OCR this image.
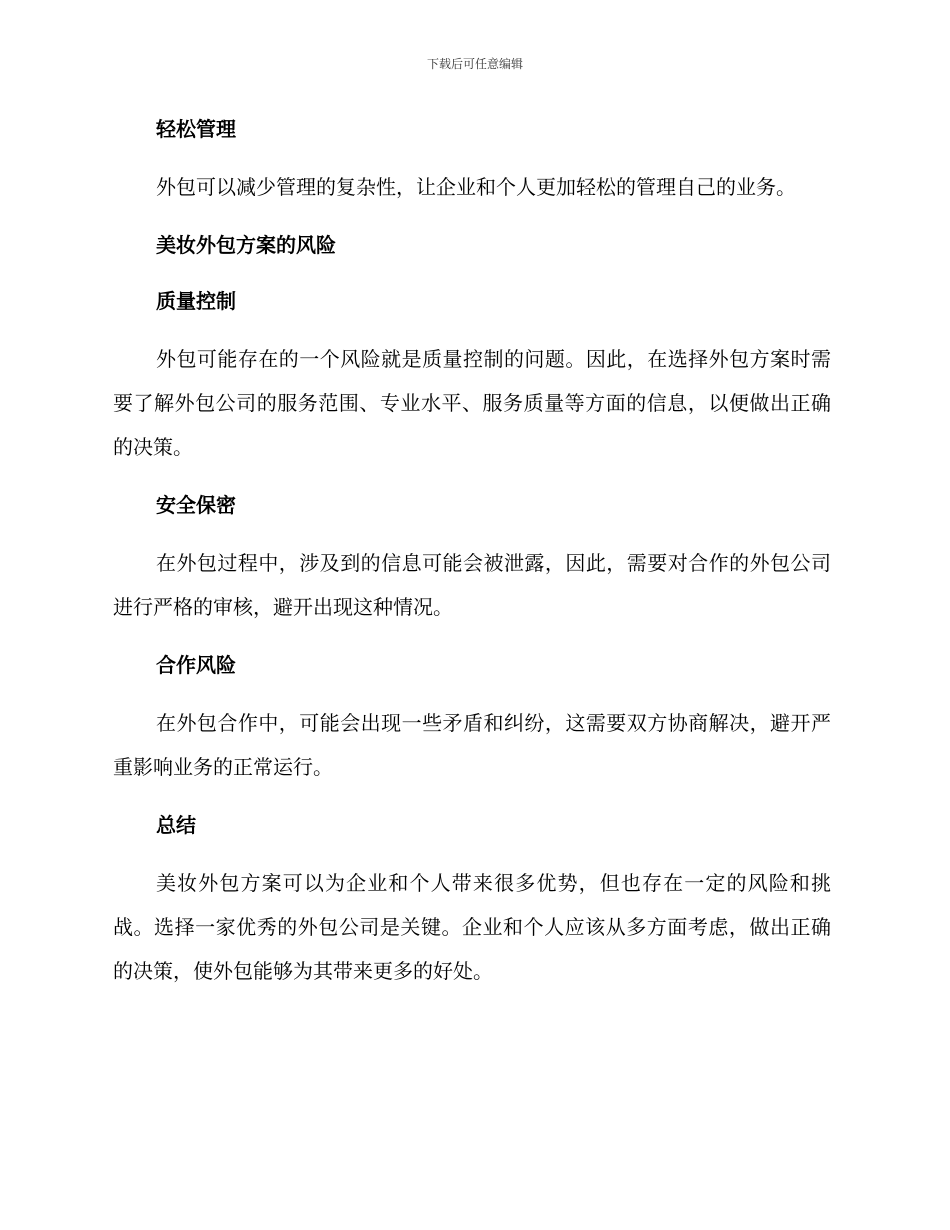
下载后可任意编辑
轻松管理

外包可以减少管理的复杂性，让企业和个人更加轻松的管理自己的业务。

美妆外包方案的风险
质量控制

外包可能存在的一个风险就是质量控制的问题。因此，在选择外包方案时需要了解外包公司的服务范围、专业水平、服务质量等方面的信息，以便做出正确的决策。

安全保密

在外包过程中，涉及到的信息可能会被泄露，因此，需要对合作的外包公司进行严格的审核，避开出现这种情况。

合作风险

在外包合作中，可能会出现一些矛盾和纠纷，这需要双方协商解决，避开严重影响业务的正常运行。

总结

美妆外包方案可以为企业和个人带来很多优势，但也存在一定的风险和挑战。选择一家优秀的外包公司是关键。企业和个人应该从多方面考虑，做出正确的决策，使外包能够为其带来更多的好处。
